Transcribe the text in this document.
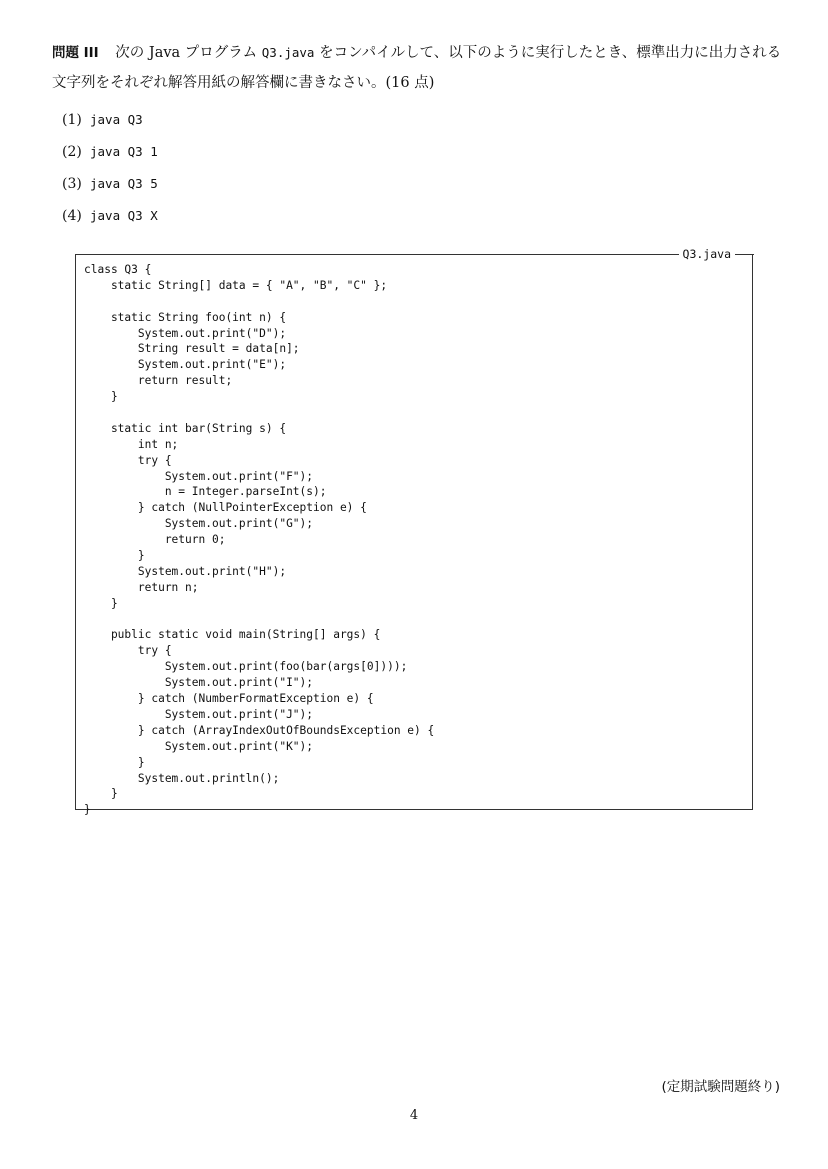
問題 III 次の Java プログラム Q3.java をコンパイルして、以下のように実行したとき、標準出力に出力される文字列をそれぞれ解答用紙の解答欄に書きなさい。(16 点)

(1) java Q3
(2) java Q3 1
(3) java Q3 5
(4) java Q3 X
Q3.java
class Q3 {
static String[] data = { "A", "B", "C" };
static String foo(int n) {
System.out.print("D");
String result = data[n];
System.out.print("E");
return result;
}
static int bar(String s) {
int n;
try {
System.out.print("F");
n = Integer.parseInt(s);
} catch (NullPointerException e) {
System.out.print("G");
return 0;
}
System.out.print("H");
return n;
}
public static void main(String[] args) {
try {
System.out.print(foo(bar(args[0])));
System.out.print("I");
} catch (NumberFormatException e) {
System.out.print("J");
} catch (ArrayIndexOutOfBoundsException e) {
System.out.print("K");
}
System.out.println();
}
}
(定期試験問題終り)
4
